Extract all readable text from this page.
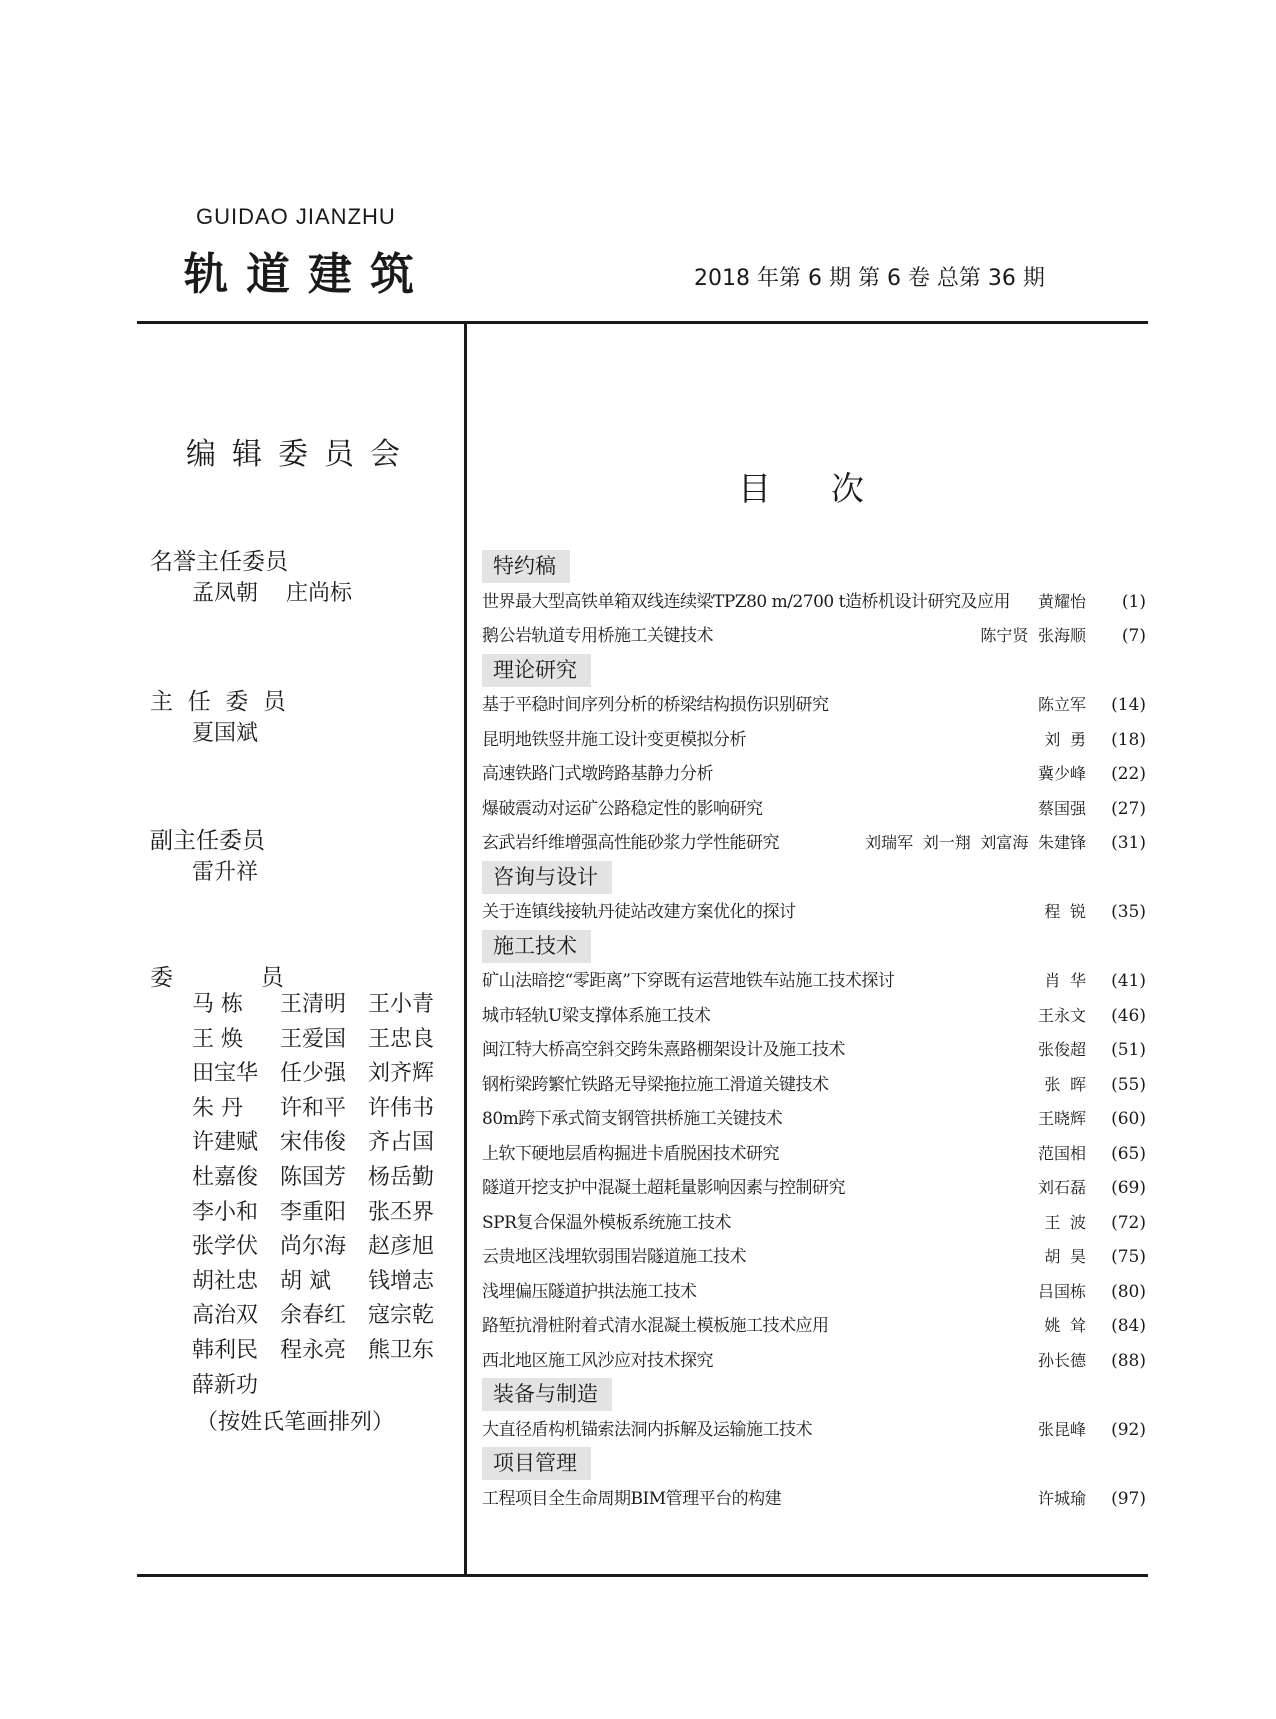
GUIDAO JIANZHU
轨道建筑	2018 年第 6 期 第 6 卷 总第 36 期
编辑委员会
名誉主任委员
孟凤朝    庄尚标
主  任  委  员
夏国斌
副主任委员
雷升祥
委            员
马 栋	王清明 王小青
王 焕	王爱国 王忠良
田宝华 任少强 刘齐辉
朱 丹	许和平 许伟书
许建赋 宋伟俊 齐占国
杜嘉俊 陈国芳 杨岳勤
李小和 李重阳 张丕界
张学伏 尚尔海 赵彦旭
胡社忠 胡 斌	钱增志
高治双 余春红 寇宗乾
韩利民 程永亮 熊卫东
薛新功
（按姓氏笔画排列）
目次
特约稿
世界最大型高铁单箱双线连续梁TPZ80 m/2700 t造桥机设计研究及应用 黄耀怡 (1)
鹅公岩轨道专用桥施工关键技术	陈宁贤 张海顺 (7)
理论研究
基于平稳时间序列分析的桥梁结构损伤识别研究	陈立军 (14)
昆明地铁竖井施工设计变更模拟分析	刘 勇 (18)
高速铁路门式墩跨路基静力分析	冀少峰 (22)
爆破震动对运矿公路稳定性的影响研究	蔡国强 (27)
玄武岩纤维增强高性能砂浆力学性能研究	刘瑞军 刘一翔 刘富海 朱建锋 (31)
咨询与设计
关于连镇线接轨丹徒站改建方案优化的探讨	程 锐 (35)
施工技术
矿山法暗挖“零距离”下穿既有运营地铁车站施工技术探讨	肖 华 (41)
城市轻轨U梁支撑体系施工技术	王永文 (46)
闽江特大桥高空斜交跨朱熹路棚架设计及施工技术	张俊超 (51)
钢桁梁跨繁忙铁路无导梁拖拉施工滑道关键技术	张 晖 (55)
80m跨下承式简支钢管拱桥施工关键技术	王晓辉 (60)
上软下硬地层盾构掘进卡盾脱困技术研究	范国相 (65)
隧道开挖支护中混凝土超耗量影响因素与控制研究	刘石磊 (69)
SPR复合保温外模板系统施工技术	王 波 (72)
云贵地区浅埋软弱围岩隧道施工技术	胡 昊 (75)
浅埋偏压隧道护拱法施工技术	吕国栋 (80)
路堑抗滑桩附着式清水混凝土模板施工技术应用	姚 耸 (84)
西北地区施工风沙应对技术探究	孙长德 (88)
装备与制造
大直径盾构机锚索法洞内拆解及运输施工技术	张昆峰 (92)
项目管理
工程项目全生命周期BIM管理平台的构建	许城瑜 (97)
